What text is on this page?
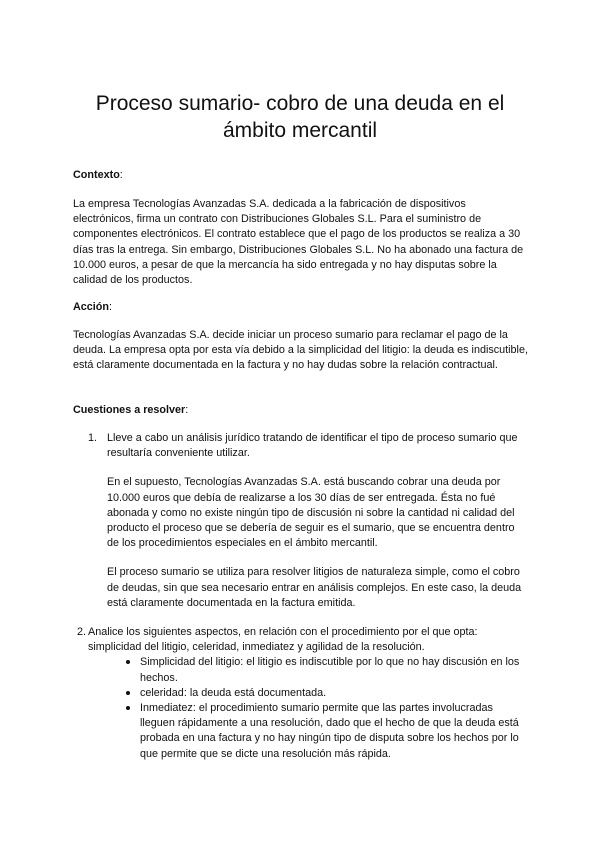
Proceso sumario- cobro de una deuda en el ámbito mercantil

Contexto:

La empresa Tecnologías Avanzadas S.A. dedicada a la fabricación de dispositivos electrónicos, firma un contrato con Distribuciones Globales S.L. Para el suministro de componentes electrónicos. El contrato establece que el pago de los productos se realiza a 30 días tras la entrega. Sin embargo, Distribuciones Globales S.L. No ha abonado una factura de 10.000 euros, a pesar de que la mercancía ha sido entregada y no hay disputas sobre la calidad de los productos.

Acción:

Tecnologías Avanzadas S.A. decide iniciar un proceso sumario para reclamar el pago de la deuda. La empresa opta por esta vía debido a la simplicidad del litigio: la deuda es indiscutible, está claramente documentada en la factura y no hay dudas sobre la relación contractual.

Cuestiones a resolver:

1. Lleve a cabo un análisis jurídico tratando de identificar el tipo de proceso sumario que resultaría conveniente utilizar.

En el supuesto, Tecnologías Avanzadas S.A. está buscando cobrar una deuda por 10.000 euros que debía de realizarse a los 30 días de ser entregada. Ésta no fué abonada y como no existe ningún tipo de discusión ni sobre la cantidad ni calidad del producto el proceso que se debería de seguir es el sumario, que se encuentra dentro de los procedimientos especiales en el ámbito mercantil.

El proceso sumario se utiliza para resolver litigios de naturaleza simple, como el cobro de deudas, sin que sea necesario entrar en análisis complejos. En este caso, la deuda está claramente documentada en la factura emitida.

2. Analice los siguientes aspectos, en relación con el procedimiento por el que opta: simplicidad del litigio, celeridad, inmediatez y agilidad de la resolución.

Simplicidad del litigio: el litigio es indiscutible por lo que no hay discusión en los hechos.
celeridad: la deuda está documentada.
Inmediatez: el procedimiento sumario permite que las partes involucradas lleguen rápidamente a una resolución, dado que el hecho de que la deuda está probada en una factura y no hay ningún tipo de disputa sobre los hechos por lo que permite que se dicte una resolución más rápida.
